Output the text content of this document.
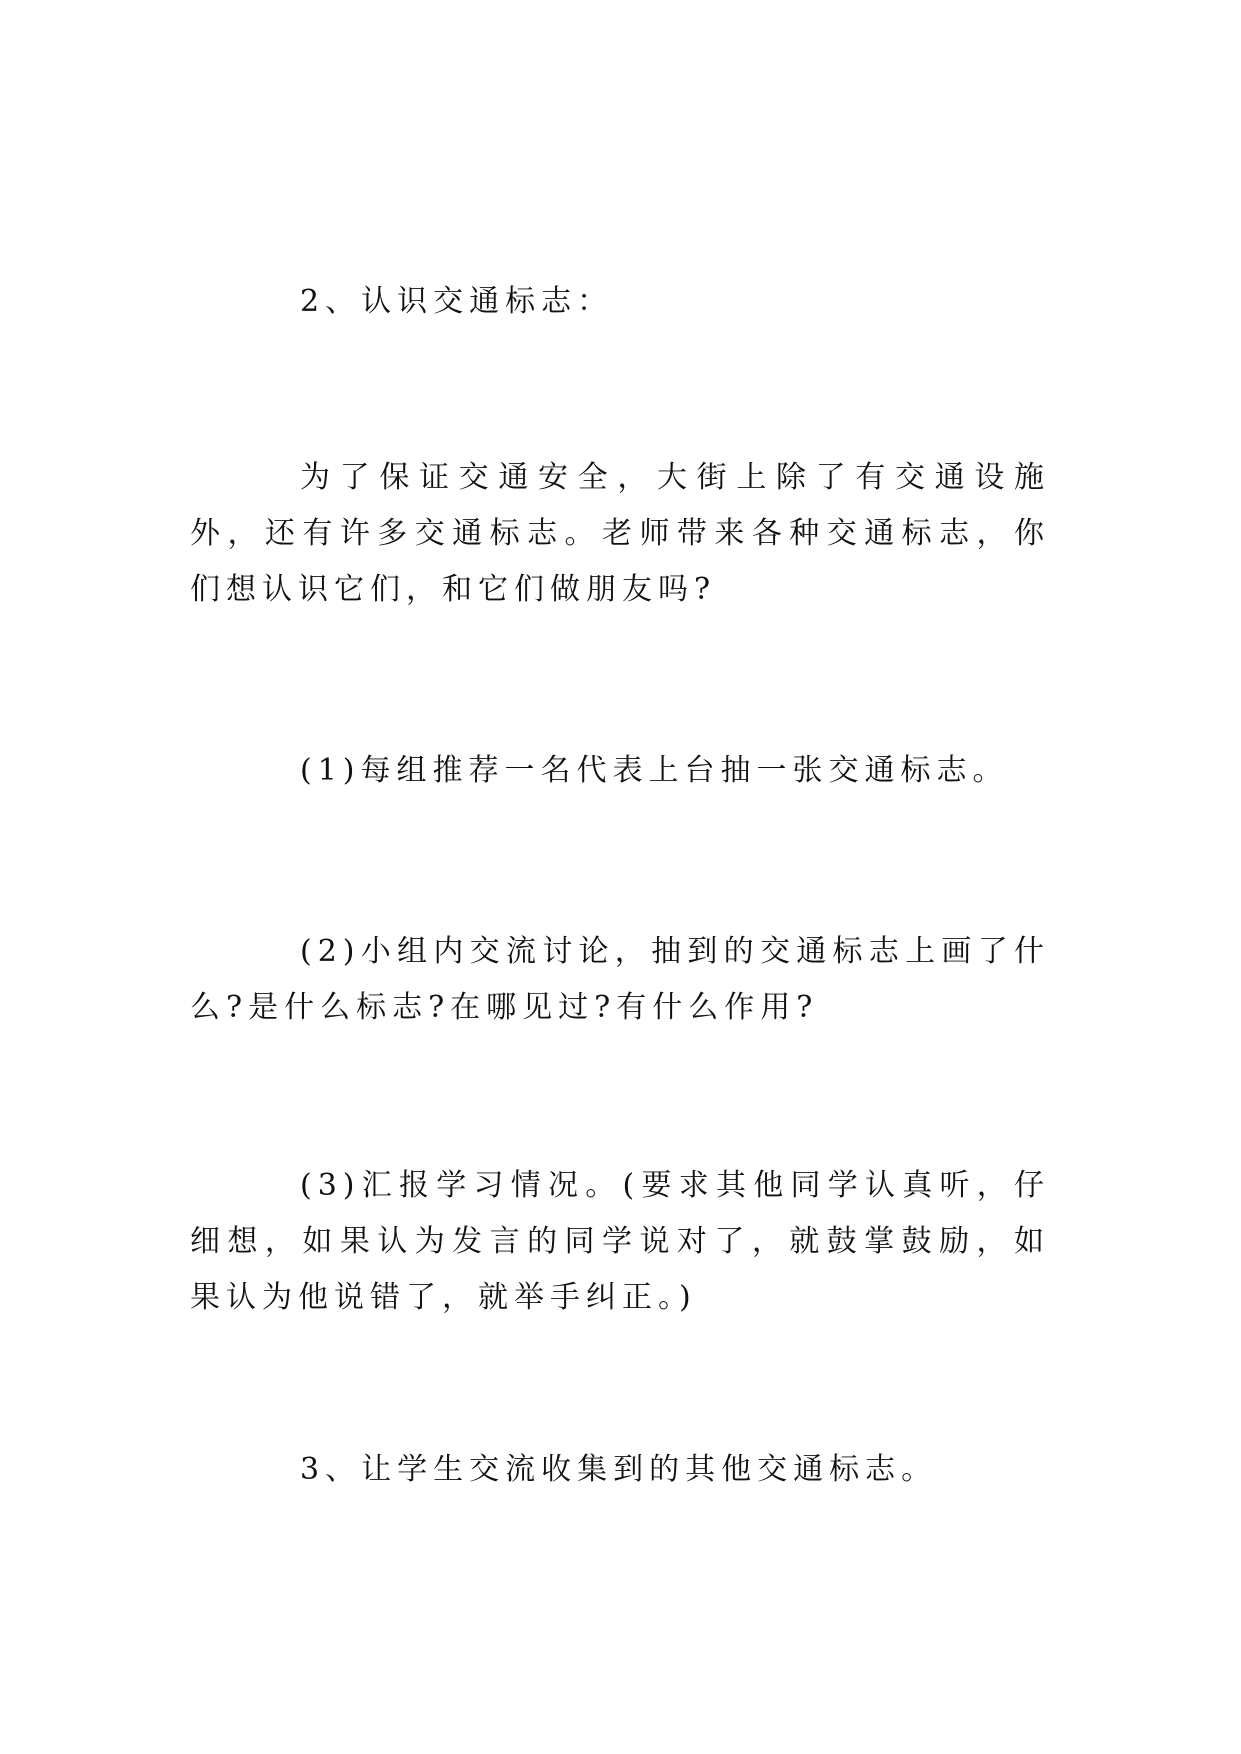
2、认识交通标志：

为了保证交通安全，大街上除了有交通设施外，还有许多交通标志。老师带来各种交通标志，你们想认识它们，和它们做朋友吗?

(1)每组推荐一名代表上台抽一张交通标志。

(2)小组内交流讨论，抽到的交通标志上画了什么?是什么标志?在哪见过?有什么作用?

(3)汇报学习情况。(要求其他同学认真听，仔细想，如果认为发言的同学说对了，就鼓掌鼓励，如果认为他说错了，就举手纠正。)

3、让学生交流收集到的其他交通标志。
